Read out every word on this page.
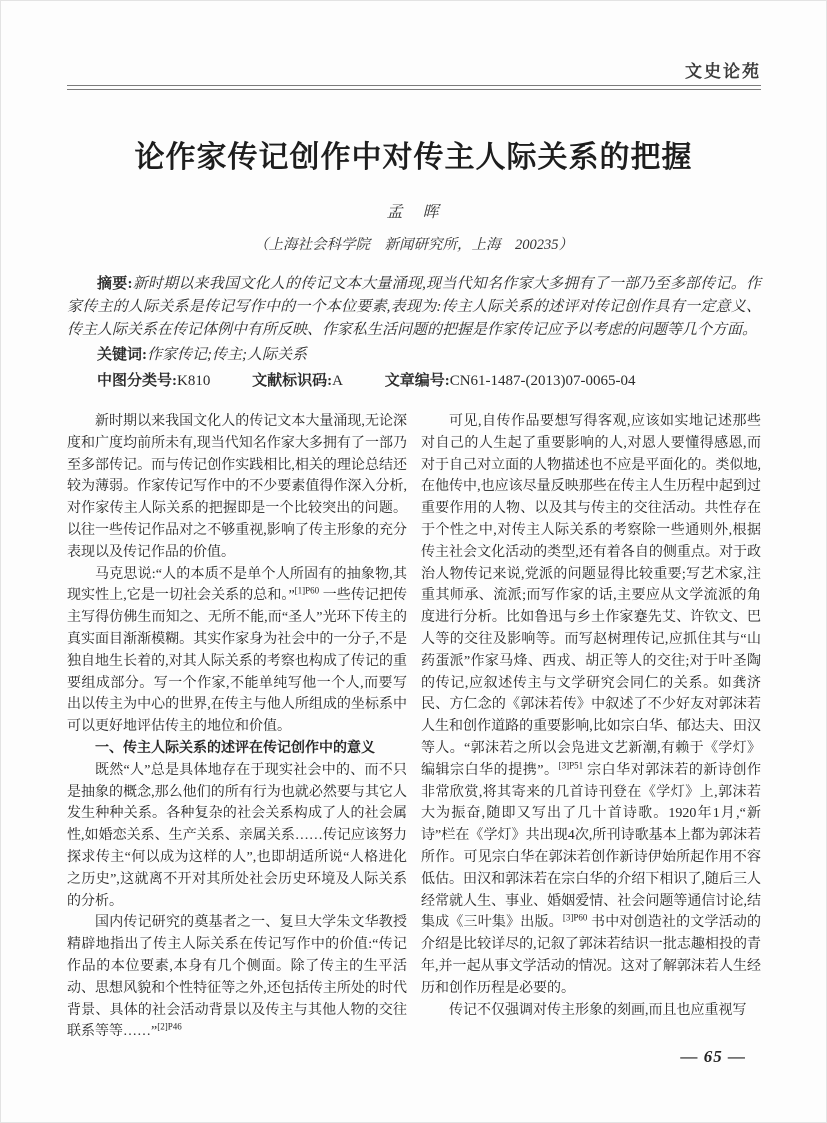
文史论苑
论作家传记创作中对传主人际关系的把握
孟　晖
（上海社会科学院　新闻研究所，上海　200235）

摘要:新时期以来我国文化人的传记文本大量涌现,现当代知名作家大多拥有了一部乃至多部传记。作家传主的人际关系是传记写作中的一个本位要素,表现为:传主人际关系的述评对传记创作具有一定意义、传主人际关系在传记体例中有所反映、作家私生活问题的把握是作家传记应予以考虑的问题等几个方面。

关键词:作家传记;传主;人际关系

中图分类号:K810	文献标识码:A	文章编号:CN61-1487-(2013)07-0065-04

新时期以来我国文化人的传记文本大量涌现,无论深度和广度均前所未有,现当代知名作家大多拥有了一部乃至多部传记。而与传记创作实践相比,相关的理论总结还较为薄弱。作家传记写作中的不少要素值得作深入分析,对作家传主人际关系的把握即是一个比较突出的问题。以往一些传记作品对之不够重视,影响了传主形象的充分表现以及传记作品的价值。

马克思说:“人的本质不是单个人所固有的抽象物,其现实性上,它是一切社会关系的总和。”$^{[1]P60}$ 一些传记把传主写得仿佛生而知之、无所不能,而“圣人”光环下传主的真实面目渐渐模糊。其实作家身为社会中的一分子,不是独自地生长着的,对其人际关系的考察也构成了传记的重要组成部分。写一个作家,不能单纯写他一个人,而要写出以传主为中心的世界,在传主与他人所组成的坐标系中可以更好地评估传主的地位和价值。

一、传主人际关系的述评在传记创作中的意义

既然“人”总是具体地存在于现实社会中的、而不只是抽象的概念,那么他们的所有行为也就必然要与其它人发生种种关系。各种复杂的社会关系构成了人的社会属性,如婚恋关系、生产关系、亲属关系……传记应该努力探求传主“何以成为这样的人”,也即胡适所说“人格进化之历史”,这就离不开对其所处社会历史环境及人际关系的分析。

国内传记研究的奠基者之一、复旦大学朱文华教授精辟地指出了传主人际关系在传记写作中的价值:“传记作品的本位要素,本身有几个侧面。除了传主的生平活动、思想风貌和个性特征等之外,还包括传主所处的时代背景、具体的社会活动背景以及传主与其他人物的交往联系等等……”$^{[2]P46}$

可见,自传作品要想写得客观,应该如实地记述那些对自己的人生起了重要影响的人,对恩人要懂得感恩,而对于自己对立面的人物描述也不应是平面化的。类似地,在他传中,也应该尽量反映那些在传主人生历程中起到过重要作用的人物、以及其与传主的交往活动。共性存在于个性之中,对传主人际关系的考察除一些通则外,根据传主社会文化活动的类型,还有着各自的侧重点。对于政治人物传记来说,党派的问题显得比较重要;写艺术家,注重其师承、流派;而写作家的话,主要应从文学流派的角度进行分析。比如鲁迅与乡土作家蹇先艾、许钦文、巴人等的交往及影响等。而写赵树理传记,应抓住其与“山药蛋派”作家马烽、西戎、胡正等人的交往;对于叶圣陶的传记,应叙述传主与文学研究会同仁的关系。如龚济民、方仁念的《郭沫若传》中叙述了不少好友对郭沫若人生和创作道路的重要影响,比如宗白华、郁达夫、田汉等人。“郭沫若之所以会凫进文艺新潮,有赖于《学灯》编辑宗白华的提携”。$^{[3]P51}$ 宗白华对郭沫若的新诗创作非常欣赏,将其寄来的几首诗刊登在《学灯》上,郭沫若大为振奋,随即又写出了几十首诗歌。1920年1月,“新诗”栏在《学灯》共出现4次,所刊诗歌基本上都为郭沫若所作。可见宗白华在郭沫若创作新诗伊始所起作用不容低估。田汉和郭沫若在宗白华的介绍下相识了,随后三人经常就人生、事业、婚姻爱情、社会问题等通信讨论,结集成《三叶集》出版。$^{[3]P60}$ 书中对创造社的文学活动的介绍是比较详尽的,记叙了郭沫若结识一批志趣相投的青年,并一起从事文学活动的情况。这对了解郭沫若人生经历和创作历程是必要的。

传记不仅强调对传主形象的刻画,而且也应重视写

— 65 —
